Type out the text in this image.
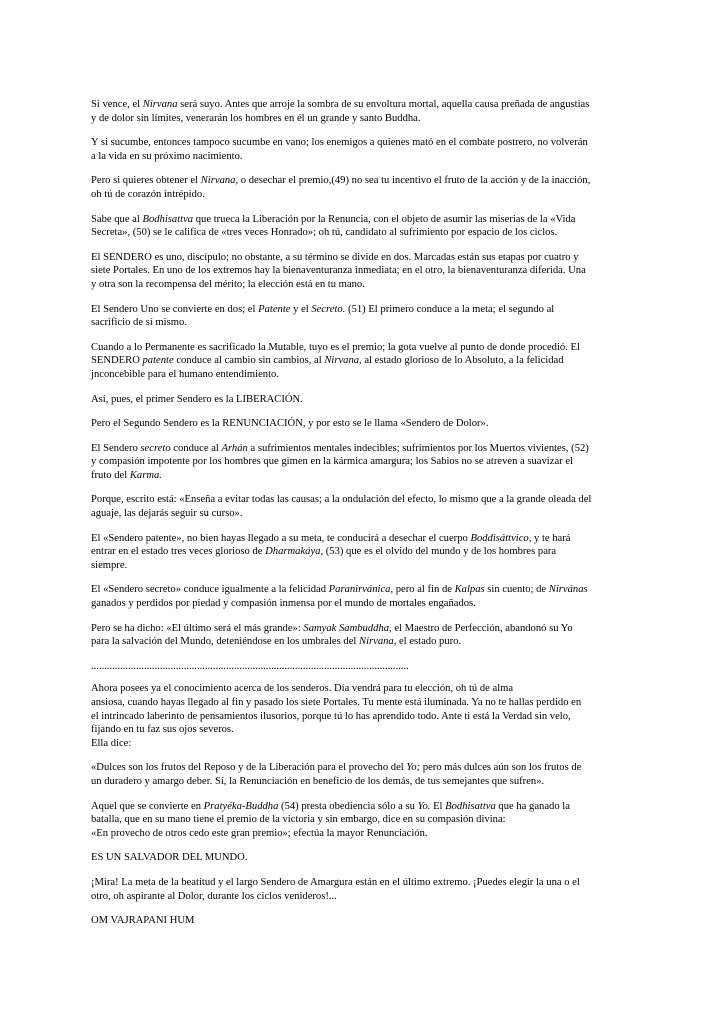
Si vence, el Nirvana será suyo. Antes que arroje la sombra de su envoltura mortal, aquella causa preñada de angustias
y de dolor sin límites, venerarán los hombres en él un grande y santo Buddha.
Y si sucumbe, entonces tampoco sucumbe en vano; los enemigos a quienes mató en el combate postrero, no volverán
a la vida en su próximo nacimiento.
Pero si quieres obtener el Nirvana, o desechar el premio,(49) no sea tu incentivo el fruto de la acción y de la inacción,
oh tú de corazón intrépido.
Sabe que al Bodhisattva que trueca la Liberación por la Renuncia, con el objeto de asumir las miserias de la «Vida
Secreta», (50) se le califica de «tres veces Honrado»; oh tú, candidato al sufrimiento por espacio de los ciclos.
El SENDERO es uno, discípulo; no obstante, a su término se divide en dos. Marcadas están sus etapas por cuatro y
siete Portales. En uno de los extremos hay la bienaventuranza inmediata; en el otro, la bienaventuranza diferida. Una
y otra son la recompensa del mérito; la elección está en tu mano.
El Sendero Uno se convierte en dos; el Patente y el Secreto. (51) El primero conduce a la meta; el segundo al
sacrificio de sí mismo.
Cuando a lo Permanente es sacrificado la Mutable, tuyo es el premio; la gota vuelve al punto de donde procedió. El
SENDERO patente conduce al cambio sin cambios, al Nirvana, al estado glorioso de lo Absoluto, a la felicidad
jnconcebible para el humano entendimiento.
Así, pues, el primer Sendero es la LIBERACIÓN.
Pero el Segundo Sendero es la RENUNCIACIÓN, y por esto se le llama «Sendero de Dolor».
El Sendero secreto conduce al Arhán a sufrimientos mentales indecibles; sufrimientos por los Muertos vivientes, (52)
y compasión impotente por los hombres que gimen en la kármica amargura; los Sabios no se atreven a suavizar el
fruto del Karma.
Porque, escrito está: «Enseña a evitar todas las causas; a la ondulación del efecto, lo mismo que a la grande oleada del
aguaje, las dejarás seguir su curso».
El «Sendero patente», no bien hayas llegado a su meta, te conducirá a desechar el cuerpo Boddisáttvico, y te hará
entrar en el estado tres veces glorioso de Dharmakáya, (53) que es el olvido del mundo y de los hombres para
siempre.
El «Sendero secreto» conduce igualmente a la felicidad Paranirvánica, pero al fin de Kalpas sin cuento; de Nirvánas
ganados y perdidos por piedad y compasión inmensa por el mundo de mortales engañados.
Pero se ha dicho: «El último será el más grande»: Samyak Sambuddha, el Maestro de Perfección, abandonó su Yo
para la salvación del Mundo, deteniéndose en los umbrales del Nirvana, el estado puro.
........................................................................................................................
Ahora posees ya el conocimiento acerca de los senderos. Día vendrá para tu elección, oh tú de alma
ansiosa, cuando hayas llegado al fin y pasado los siete Portales. Tu mente está iluminada. Ya no te hallas perdido en
el intrincado laberinto de pensamientos ilusorios, porque tú lo has aprendido todo. Ante ti está la Verdad sin velo,
fijando en tu faz sus ojos severos.
Ella dice:
«Dulces son los frutos del Reposo y de la Liberación para el provecho del Yo; pero más dulces aún son los frutos de
un duradero y amargo deber. Sí, la Renunciación en beneficio de los demás, de tus semejantes que sufren».
Aquel que se convierte en Pratyéka-Buddha (54) presta obediencia sólo a su Yo. El Bodhisattva que ha ganado la
batalla, que en su mano tiene el premio de la victoria y sin embargo, dice en su compasión divina:
«En provecho de otros cedo este gran premio»; efectúa la mayor Renunciación.
ES UN SALVADOR DEL MUNDO.
¡Mira! La meta de la beatitud y el largo Sendero de Amargura están en el último extremo. ¡Puedes elegir la una o el
otro, oh aspirante al Dolor, durante los ciclos venideros!...
OM VAJRAPANI HUM
